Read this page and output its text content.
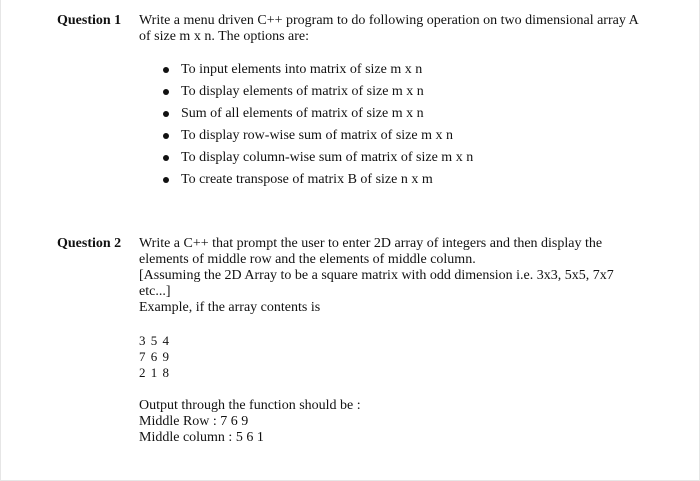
Question 1 Write a menu driven C++ program to do following operation on two dimensional array A
of size m x n. The options are:
To input elements into matrix of size m x n
To display elements of matrix of size m x n
Sum of all elements of matrix of size m x n
To display row-wise sum of matrix of size m x n
To display column-wise sum of matrix of size m x n
To create transpose of matrix B of size n x m
Question 2 Write a C++ that prompt the user to enter 2D array of integers and then display the
elements of middle row and the elements of middle column.
[Assuming the 2D Array to be a square matrix with odd dimension i.e. 3x3, 5x5, 7x7
etc...]
Example, if the array contents is
3 5 4
7 6 9
2 1 8
Output through the function should be :
Middle Row : 7 6 9
Middle column : 5 6 1
